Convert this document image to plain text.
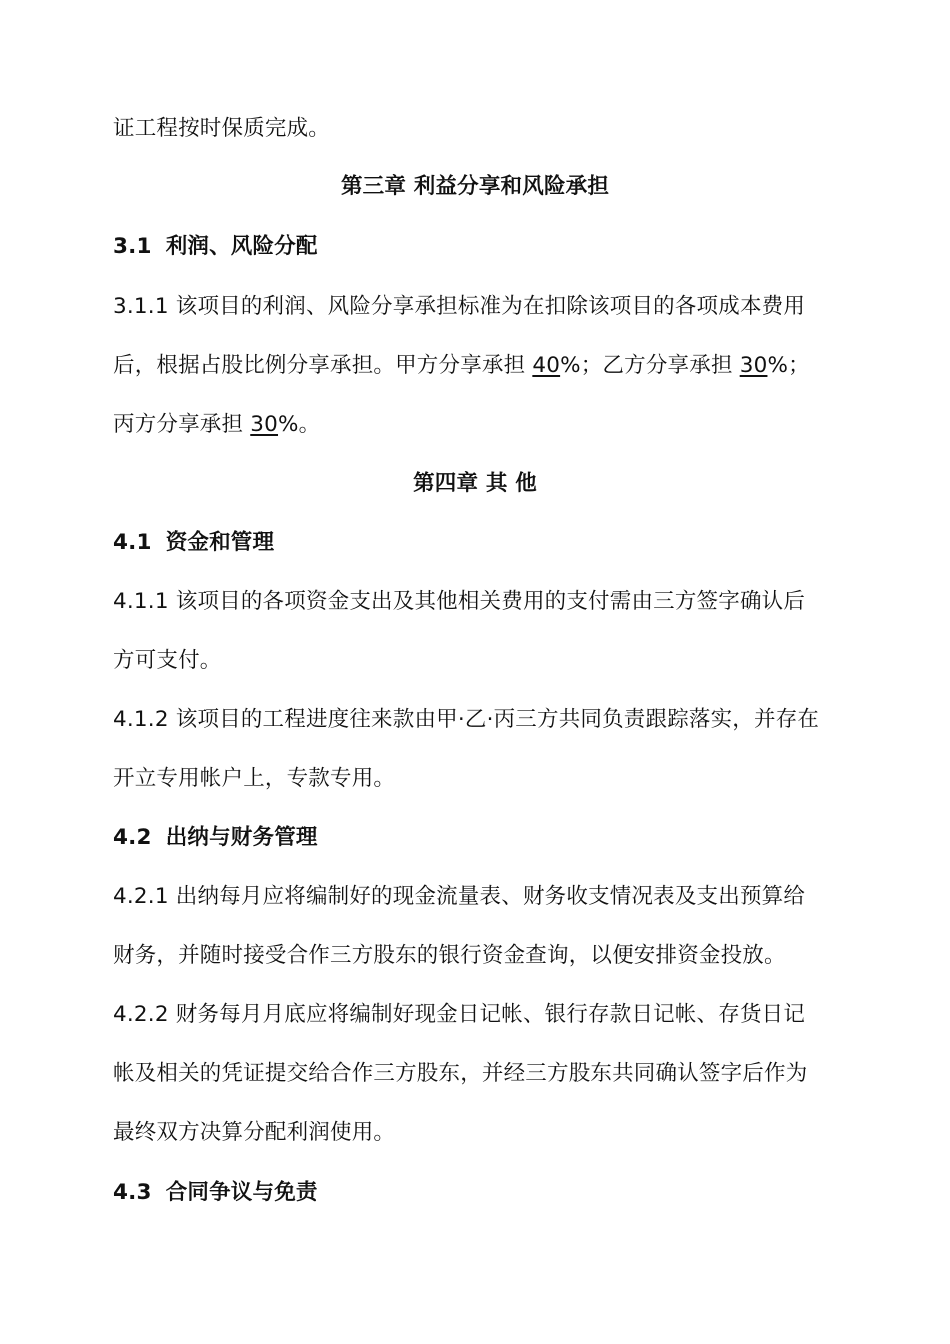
证工程按时保质完成。
第三章 利益分享和风险承担
3.1 利润、风险分配
3.1.1 该项目的利润、风险分享承担标准为在扣除该项目的各项成本费用
后，根据占股比例分享承担。甲方分享承担 40%；乙方分享承担 30%；
丙方分享承担 30%。
第四章 其 他
4.1 资金和管理
4.1.1 该项目的各项资金支出及其他相关费用的支付需由三方签字确认后
方可支付。
4.1.2 该项目的工程进度往来款由甲·乙·丙三方共同负责跟踪落实，并存在
开立专用帐户上，专款专用。
4.2 出纳与财务管理
4.2.1 出纳每月应将编制好的现金流量表、财务收支情况表及支出预算给
财务，并随时接受合作三方股东的银行资金查询，以便安排资金投放。
4.2.2 财务每月月底应将编制好现金日记帐、银行存款日记帐、存货日记
帐及相关的凭证提交给合作三方股东，并经三方股东共同确认签字后作为
最终双方决算分配利润使用。
4.3 合同争议与免责
